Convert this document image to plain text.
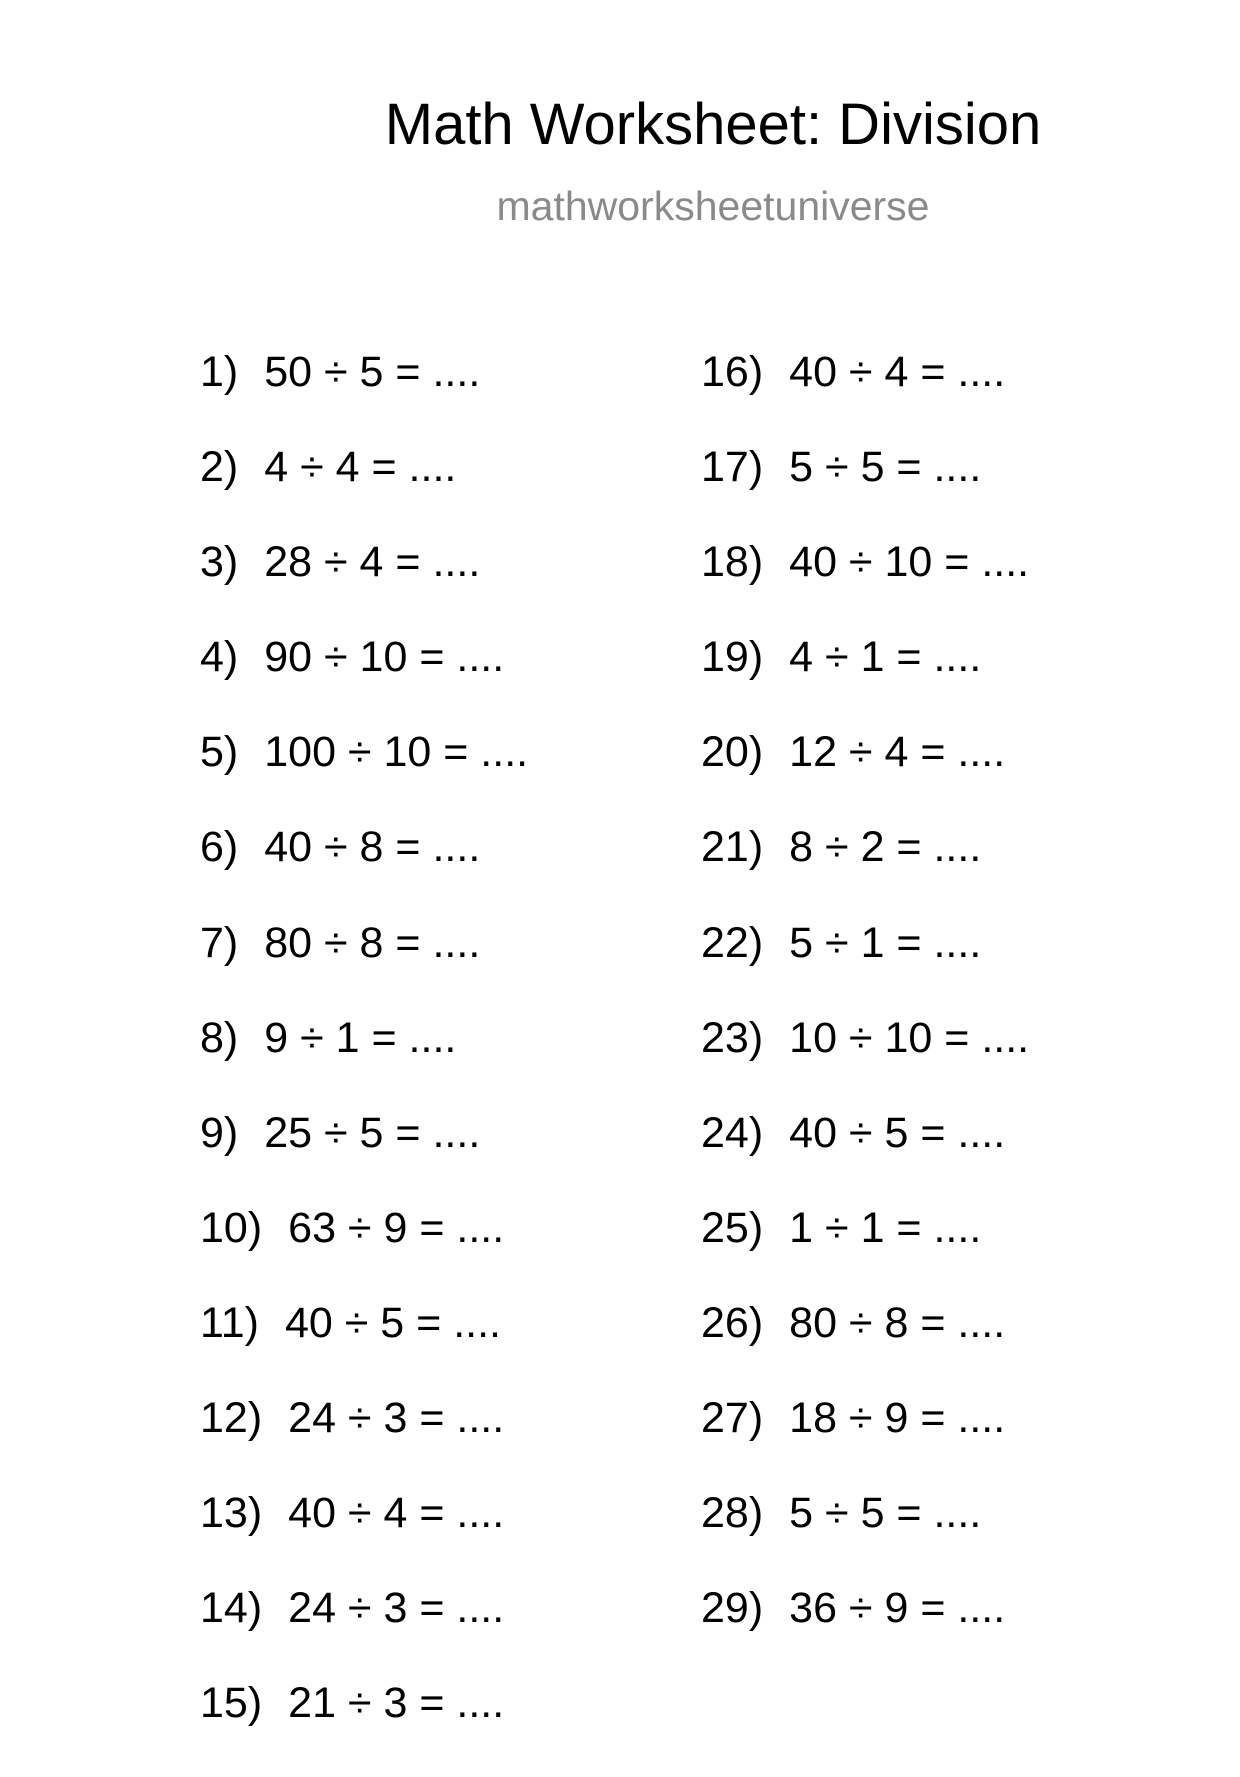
Math Worksheet: Division
mathworksheetuniverse
1) 50 ÷ 5 = ....
2) 4 ÷ 4 = ....
3) 28 ÷ 4 = ....
4) 90 ÷ 10 = ....
5) 100 ÷ 10 = ....
6) 40 ÷ 8 = ....
7) 80 ÷ 8 = ....
8) 9 ÷ 1 = ....
9) 25 ÷ 5 = ....
10) 63 ÷ 9 = ....
11) 40 ÷ 5 = ....
12) 24 ÷ 3 = ....
13) 40 ÷ 4 = ....
14) 24 ÷ 3 = ....
15) 21 ÷ 3 = ....
16) 40 ÷ 4 = ....
17) 5 ÷ 5 = ....
18) 40 ÷ 10 = ....
19) 4 ÷ 1 = ....
20) 12 ÷ 4 = ....
21) 8 ÷ 2 = ....
22) 5 ÷ 1 = ....
23) 10 ÷ 10 = ....
24) 40 ÷ 5 = ....
25) 1 ÷ 1 = ....
26) 80 ÷ 8 = ....
27) 18 ÷ 9 = ....
28) 5 ÷ 5 = ....
29) 36 ÷ 9 = ....
